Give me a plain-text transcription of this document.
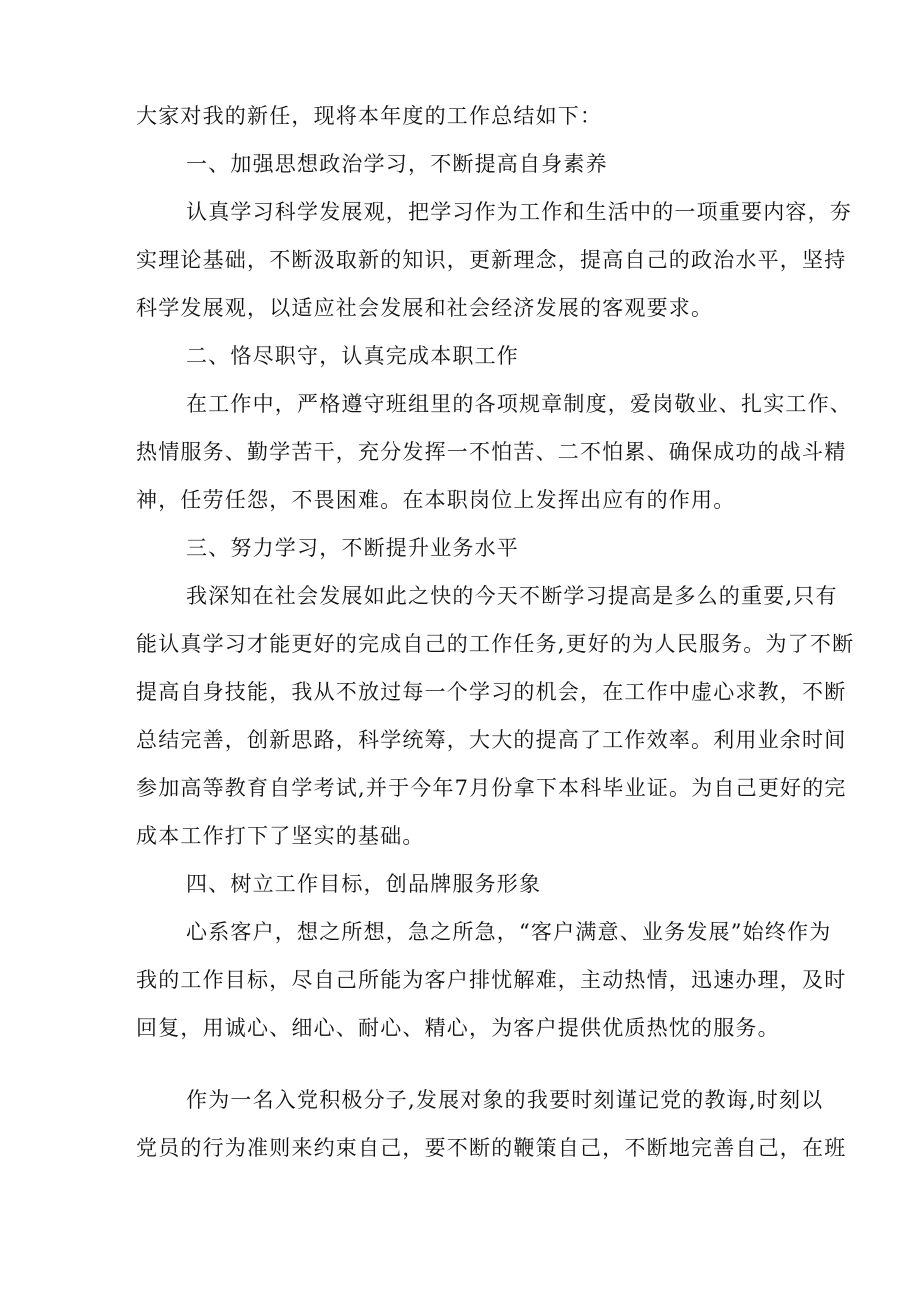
大家对我的新任，现将本年度的工作总结如下：
一、加强思想政治学习，不断提高自身素养
认真学习科学发展观，把学习作为工作和生活中的一项重要内容，夯
实理论基础，不断汲取新的知识，更新理念，提高自己的政治水平，坚持
科学发展观，以适应社会发展和社会经济发展的客观要求。
二、恪尽职守，认真完成本职工作
在工作中，严格遵守班组里的各项规章制度，爱岗敬业、扎实工作、
热情服务、勤学苦干，充分发挥一不怕苦、二不怕累、确保成功的战斗精
神，任劳任怨，不畏困难。在本职岗位上发挥出应有的作用。
三、努力学习，不断提升业务水平
我深知在社会发展如此之快的今天不断学习提高是多么的重要,只有
能认真学习才能更好的完成自己的工作任务,更好的为人民服务。为了不断
提高自身技能，我从不放过每一个学习的机会，在工作中虚心求教，不断
总结完善，创新思路，科学统筹，大大的提高了工作效率。利用业余时间
参加高等教育自学考试,并于今年7月份拿下本科毕业证。为自己更好的完
成本工作打下了坚实的基础。
四、树立工作目标，创品牌服务形象
心系客户，想之所想，急之所急，“客户满意、业务发展”始终作为
我的工作目标，尽自己所能为客户排忧解难，主动热情，迅速办理，及时
回复，用诚心、细心、耐心、精心，为客户提供优质热忱的服务。
作为一名入党积极分子,发展对象的我要时刻谨记党的教诲,时刻以
党员的行为准则来约束自己，要不断的鞭策自己，不断地完善自己，在班
